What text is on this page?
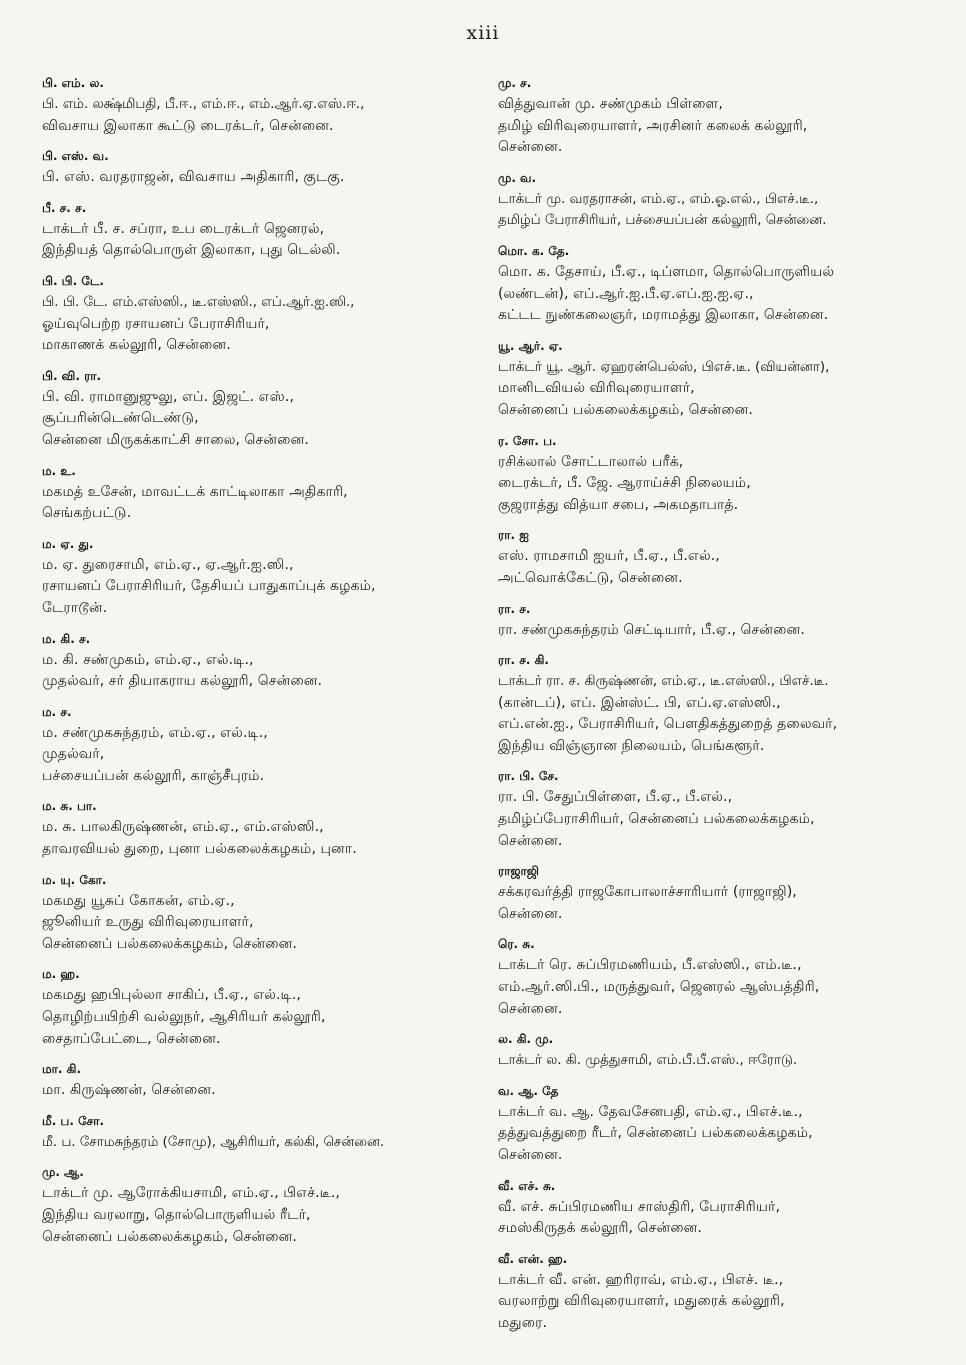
xiii
பி. எம். ல.
பி. எம். லக்ஷ்மிபதி, பீ.ஈ., எம்.ஈ., எம்.ஆர்.ஏ.எஸ்.ஈ.,
விவசாய இலாகா கூட்டு டைரக்டர், சென்னை.
பி. எஸ். வ.
பி. எஸ். வரதராஜன், விவசாய அதிகாரி, குடகு.
பீ. ச. ச.
டாக்டர் பீ. ச. சப்ரா, உப டைரக்டர் ஜெனரல்,
இந்தியத் தொல்பொருள் இலாகா, புது டெல்லி.
பி. பி. டே.
பி. பி. டே. எம்.எஸ்ஸி., டீ.எஸ்ஸி., எப்.ஆர்.ஐ.ஸி.,
ஓய்வுபெற்ற ரசாயனப் பேராசிரியர்,
மாகாணக் கல்லூரி, சென்னை.
பி. வி. ரா.
பி. வி. ராமானுஜுலு, எப். இஜட். எஸ்.,
சூப்பரின்டெண்டெண்டு,
சென்னை மிருகக்காட்சி சாலை, சென்னை.
ம. உ.
மகமத் உசேன், மாவட்டக் காட்டிலாகா அதிகாரி,
செங்கற்பட்டு.
ம. ஏ. து.
ம. ஏ. துரைசாமி, எம்.ஏ., ஏ.ஆர்.ஐ.ஸி.,
ரசாயனப் பேராசிரியர், தேசியப் பாதுகாப்புக் கழகம்,
டேராடூன்.
ம. கி. ச.
ம. கி. சண்முகம், எம்.ஏ., எல்.டி.,
முதல்வர், சர் தியாகராய கல்லூரி, சென்னை.
ம. ச.
ம. சண்முகசுந்தரம், எம்.ஏ., எல்.டி.,
முதல்வர்,
பச்சையப்பன் கல்லூரி, காஞ்சீபுரம்.
ம. சு. பா.
ம. சு. பாலகிருஷ்ணன், எம்.ஏ., எம்.எஸ்ஸி.,
தாவரவியல் துறை, புனா பல்கலைக்கழகம், புனா.
ம. யு. கோ.
மகமது யூசுப் கோகன், எம்.ஏ.,
ஜூனியர் உருது விரிவுரையாளர்,
சென்னைப் பல்கலைக்கழகம், சென்னை.
ம. ஹ.
மகமது ஹபிபுல்லா சாகிப், பீ.ஏ., எல்.டி.,
தொழிற்பயிற்சி வல்லுநர், ஆசிரியர் கல்லூரி,
சைதாப்பேட்டை, சென்னை.
மா. கி.
மா. கிருஷ்ணன், சென்னை.
மீ. ப. சோ.
மீ. ப. சோமசுந்தரம் (சோமு), ஆசிரியர், கல்கி, சென்னை.
மு. ஆ.
டாக்டர் மு. ஆரோக்கியசாமி, எம்.ஏ., பிஎச்.டீ.,
இந்திய வரலாறு, தொல்பொருளியல் ரீடர்,
சென்னைப் பல்கலைக்கழகம், சென்னை.
மு. ச.
வித்துவான் மு. சண்முகம் பிள்ளை,
தமிழ் விரிவுரையாளர், அரசினர் கலைக் கல்லூரி,
சென்னை.
மு. வ.
டாக்டர் மு. வரதராசன், எம்.ஏ., எம்.ஓ.எல்., பிஎச்.டீ.,
தமிழ்ப் பேராசிரியர், பச்சையப்பன் கல்லூரி, சென்னை.
மொ. க. தே.
மொ. க. தேசாய், பீ.ஏ., டிப்ளமா, தொல்பொருளியல்
(லண்டன்), எப்.ஆர்.ஐ.பீ.ஏ.எப்.ஐ.ஐ.ஏ.,
கட்டட நுண்கலைஞர், மராமத்து இலாகா, சென்னை.
யூ. ஆர். ஏ.
டாக்டர் யூ. ஆர். ஏஹரன்பெல்ஸ், பிஎச்.டீ. (வியன்னா),
மானிடவியல் விரிவுரையாளர்,
சென்னைப் பல்கலைக்கழகம், சென்னை.
ர. சோ. ப.
ரசிக்லால் சோட்டாலால் பரீக்,
டைரக்டர், பீ. ஜே. ஆராய்ச்சி நிலையம்,
குஜராத்து வித்யா சபை, அகமதாபாத்.
ரா. ஐ
எஸ். ராமசாமி ஐயர், பீ.ஏ., பீ.எல்.,
அட்வொக்கேட்டு, சென்னை.
ரா. ச.
ரா. சண்முகசுந்தரம் செட்டியார், பீ.ஏ., சென்னை.
ரா. ச. கி.
டாக்டர் ரா. ச. கிருஷ்ணன், எம்.ஏ., டீ.எஸ்ஸி., பிஎச்.டீ.
(கான்டப்), எப். இன்ஸ்ட். பி, எப்.ஏ.எஸ்ஸி.,
எப்.என்.ஐ., பேராசிரியர், பௌதிகத்துறைத் தலைவர்,
இந்திய விஞ்ஞான நிலையம், பெங்களூர்.
ரா. பி. சே.
ரா. பி. சேதுப்பிள்ளை, பீ.ஏ., பீ.எல்.,
தமிழ்ப்பேராசிரியர், சென்னைப் பல்கலைக்கழகம்,
சென்னை.
ராஜாஜி
சக்கரவர்த்தி ராஜகோபாலாச்சாரியார் (ராஜாஜி),
சென்னை.
ரெ. சு.
டாக்டர் ரெ. சுப்பிரமணியம், பீ.எஸ்ஸி., எம்.டீ.,
எம்.ஆர்.ஸி.பி., மருத்துவர், ஜெனரல் ஆஸ்பத்திரி,
சென்னை.
ல. கி. மு.
டாக்டர் ல. கி. முத்துசாமி, எம்.பீ.பீ.எஸ்., ஈரோடு.
வ. ஆ. தே
டாக்டர் வ. ஆ. தேவசேனபதி, எம்.ஏ., பிஎச்.டீ.,
தத்துவத்துறை ரீடர், சென்னைப் பல்கலைக்கழகம்,
சென்னை.
வீ. எச். சு.
வீ. எச். சுப்பிரமணிய சாஸ்திரி, பேராசிரியர்,
சமஸ்கிருதக் கல்லூரி, சென்னை.
வீ. என். ஹ.
டாக்டர் வீ. என். ஹரிராவ், எம்.ஏ., பிஎச். டீ.,
வரலாற்று விரிவுரையாளர், மதுரைக் கல்லூரி,
மதுரை.
